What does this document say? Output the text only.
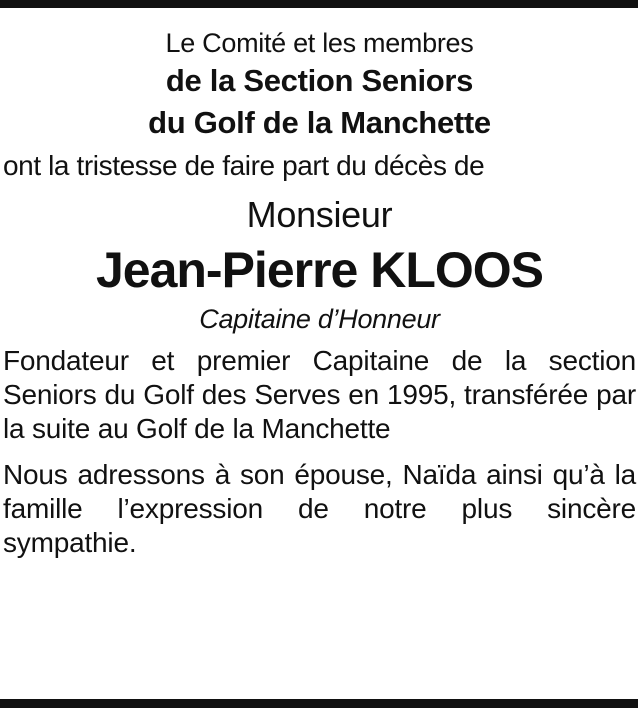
Le Comité et les membres
de la Section Seniors
du Golf de la Manchette
ont la tristesse de faire part du décès de
Monsieur
Jean-Pierre KLOOS
Capitaine d’Honneur
Fondateur et premier Capitaine de la section Seniors du Golf des Serves en 1995, transférée par la suite au Golf de la Manchette
Nous adressons à son épouse, Naïda ainsi qu’à la famille l’expression de notre plus sincère sympathie.
